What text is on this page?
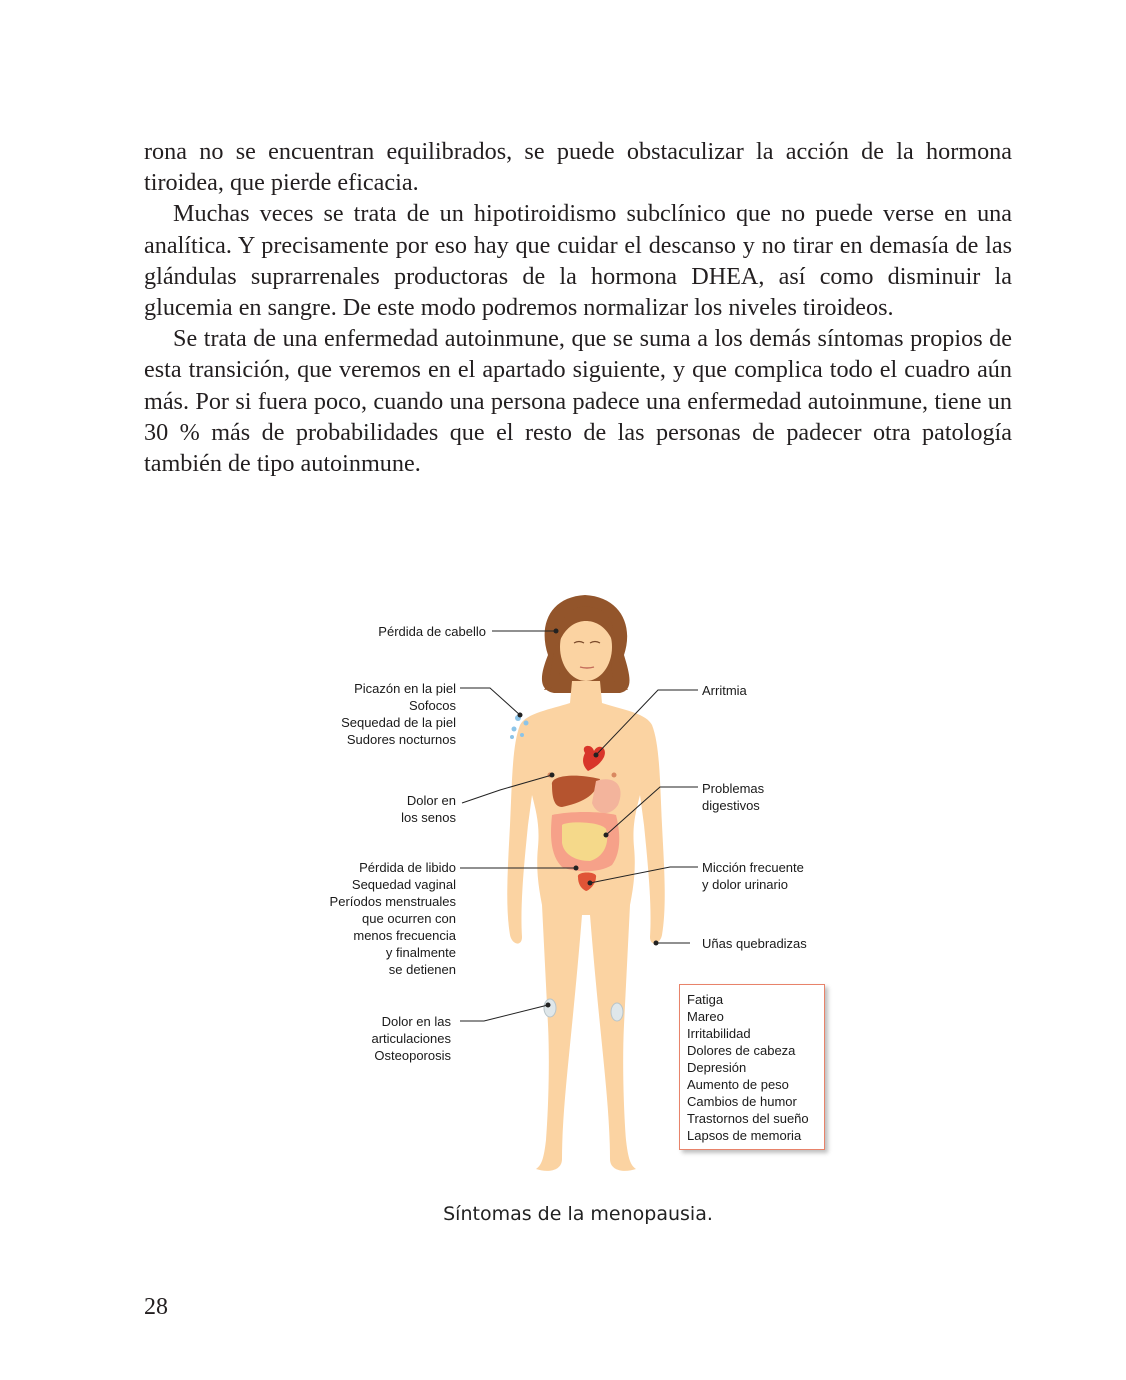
rona no se encuentran equilibrados, se puede obstaculizar la acción de la hormona tiroidea, que pierde eficacia.

Muchas veces se trata de un hipotiroidismo subclínico que no puede verse en una analítica. Y precisamente por eso hay que cuidar el descanso y no tirar en demasía de las glándulas suprarrenales productoras de la hormona DHEA, así como disminuir la glucemia en sangre. De este modo podremos normalizar los niveles tiroideos.

Se trata de una enfermedad autoinmune, que se suma a los demás síntomas propios de esta transición, que veremos en el apartado siguiente, y que complica todo el cuadro aún más. Por si fuera poco, cuando una persona padece una enfermedad autoinmune, tiene un 30 % más de probabilidades que el resto de las personas de padecer otra patología también de tipo autoinmune.

Pérdida de cabello
Picazón en la piel
Sofocos
Sequedad de la piel
Sudores nocturnos
Dolor en
los senos
Pérdida de libido
Sequedad vaginal
Períodos menstruales
que ocurren con
menos frecuencia
y finalmente
se detienen
Dolor en las
articulaciones
Osteoporosis
Arritmia
Problemas
digestivos
Micción frecuente
y dolor urinario
Uñas quebradizas
Fatiga
Mareo
Irritabilidad
Dolores de cabeza
Depresión
Aumento de peso
Cambios de humor
Trastornos del sueño
Lapsos de memoria
Síntomas de la menopausia.
28
